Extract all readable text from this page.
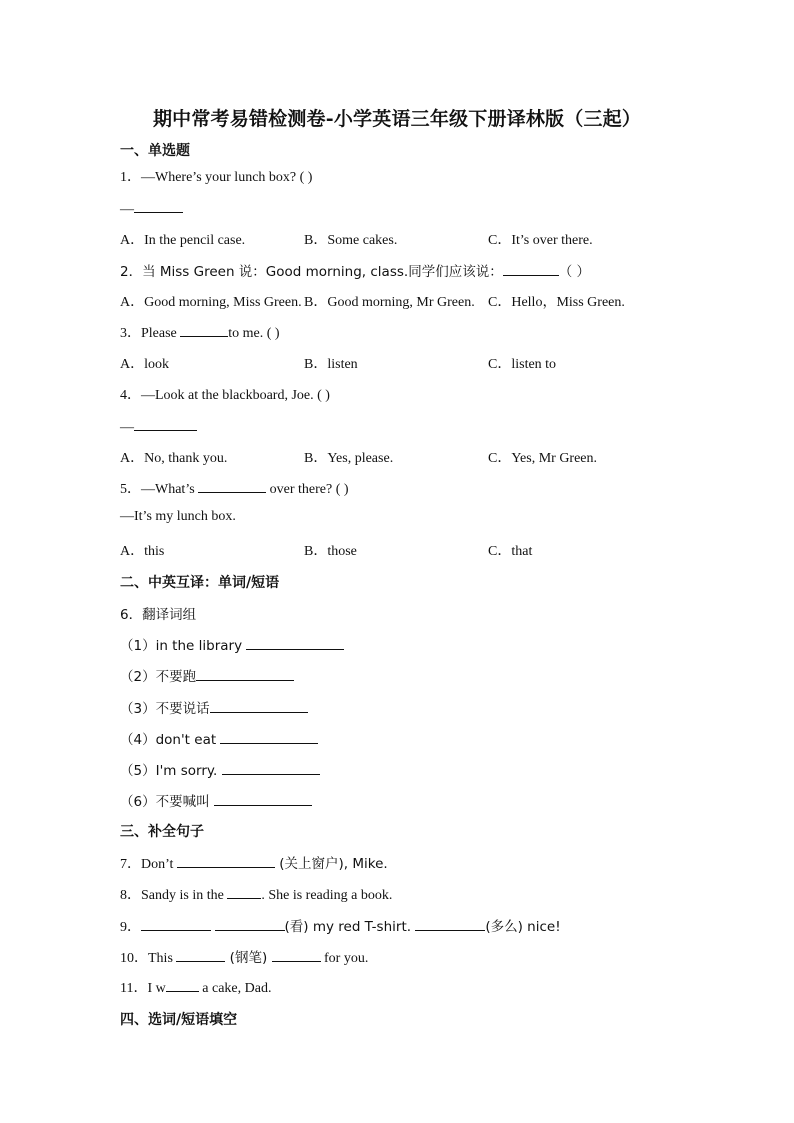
期中常考易错检测卷-小学英语三年级下册译林版（三起）
一、单选题
1．—Where’s your lunch box? ( )
—
A．In the pencil case.	B．Some cakes.	C．It’s over there.
2．当 Miss Green 说：Good morning, class.同学们应该说：	（ ）
A．Good morning, Miss Green. B．Good morning, Mr Green. C．Hello，Miss Green.
3．Please	to me. ( )
A．look	B．listen	C．listen to
4．—Look at the blackboard, Joe. ( )
—
A．No, thank you.	B．Yes, please.	C．Yes, Mr Green.
5．—What’s	over there? ( )
—It’s my lunch box.
A．this	B．those	C．that
二、中英互译：单词/短语
6．翻译词组
（1）in the library
（2）不要跑
（3）不要说话
（4）don't eat
（5）I'm sorry.
（6）不要喊叫
三、补全句子
7．Don’t	(关上窗户), Mike.
8．Sandy is in the . She is reading a book.
9．	(看) my red T-shirt.	(多么) nice!
10．This	(钢笔)	for you.
11．I w a cake, Dad.
四、选词/短语填空
